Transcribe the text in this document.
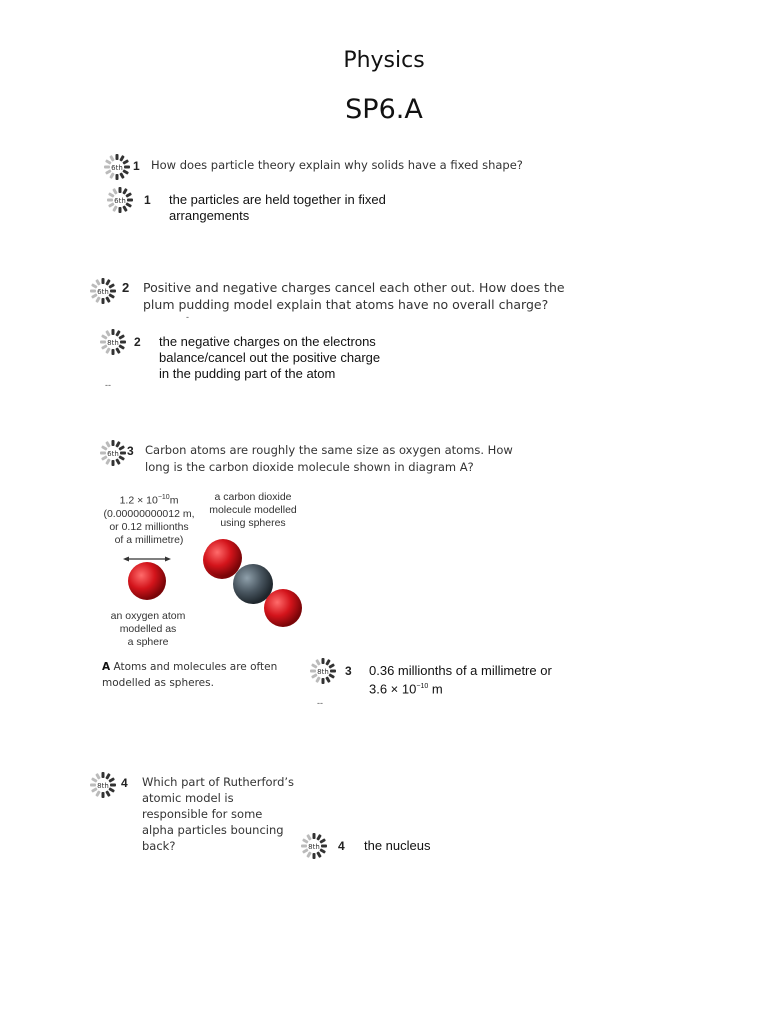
Physics
SP6.A
6th 1 How does particle theory explain why solids have a fixed shape?
6th 1 the particles are held together in fixed
arrangements
6th 2 Positive and negative charges cancel each other out. How does the
plum pudding model explain that atoms have no overall charge?
-
8th 2 the negative charges on the electrons
balance/cancel out the positive charge
in the pudding part of the atom
--
6th 3 Carbon atoms are roughly the same size as oxygen atoms. How
long is the carbon dioxide molecule shown in diagram A?
$1.2 \times 10^{-10}m$
(0.00000000012 m,
or 0.12 millionths
of a millimetre)
a carbon dioxide
molecule modelled
using spheres
an oxygen atom
modelled as
a sphere
A Atoms and molecules are often
modelled as spheres.
8th 3 0.36 millionths of a millimetre or
$3.6 \times 10^{-10}$ m
--
8th 4 Which part of Rutherford’s
atomic model is
responsible for some
alpha particles bouncing
back?	8th 4 the nucleus
